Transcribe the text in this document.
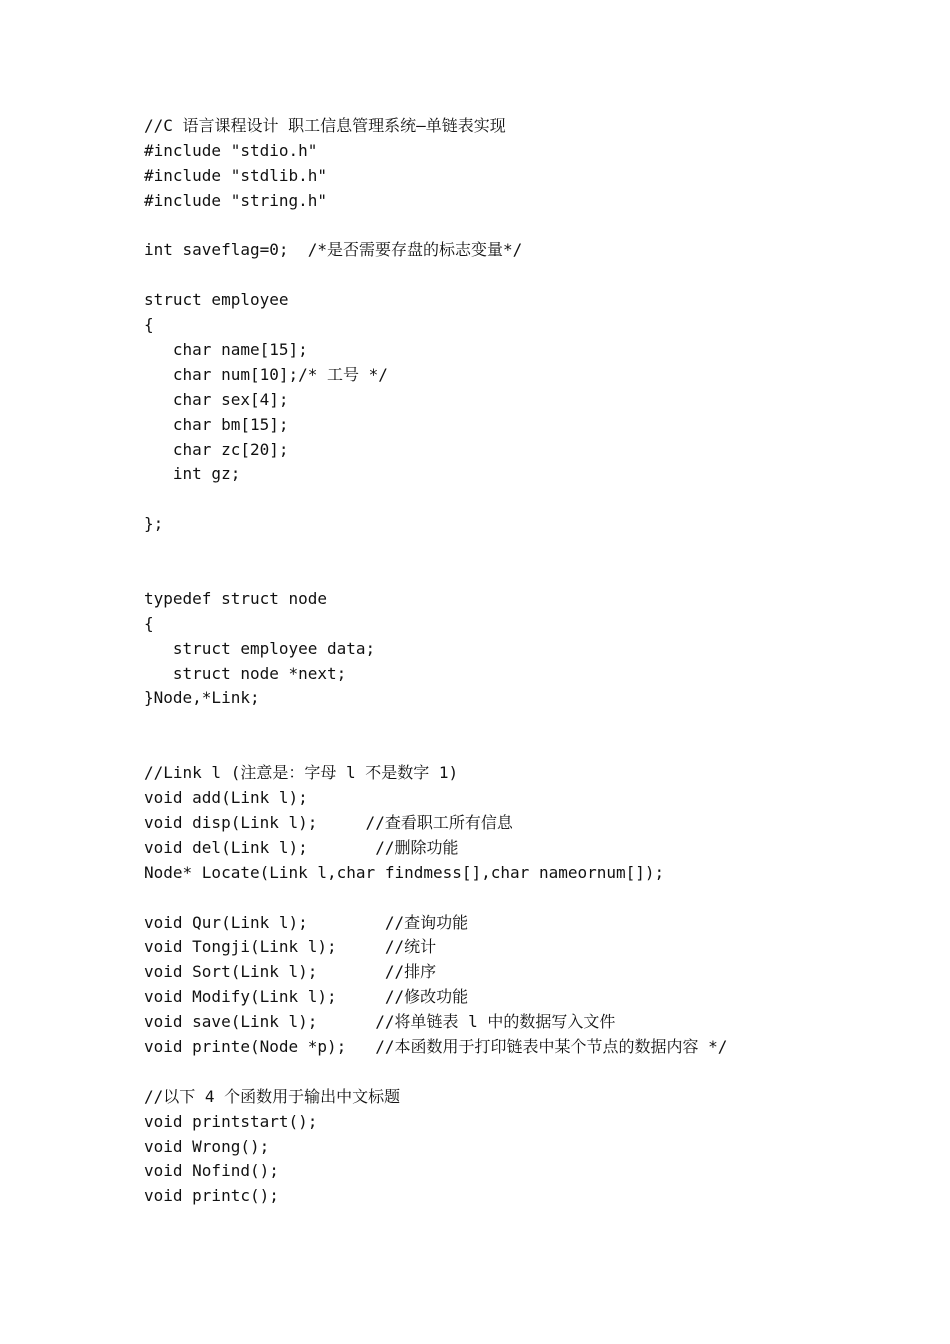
//C 语言课程设计 职工信息管理系统—单链表实现
#include "stdio.h"
#include "stdlib.h"
#include "string.h"
int saveflag=0;  /*是否需要存盘的标志变量*/
struct employee
{
char name[15];
char num[10];/* 工号 */
char sex[4];
char bm[15];
char zc[20];
int gz;
};
typedef struct node
{
struct employee data;
struct node *next;
}Node,*Link;
//Link l (注意是：字母 l 不是数字 1)
void add(Link l);
void disp(Link l);     //查看职工所有信息
void del(Link l);       //删除功能
Node* Locate(Link l,char findmess[],char nameornum[]);
void Qur(Link l);        //查询功能
void Tongji(Link l);     //统计
void Sort(Link l);       //排序
void Modify(Link l);     //修改功能
void save(Link l);      //将单链表 l 中的数据写入文件
void printe(Node *p);   //本函数用于打印链表中某个节点的数据内容 */
//以下 4 个函数用于输出中文标题
void printstart();
void Wrong();
void Nofind();
void printc();
